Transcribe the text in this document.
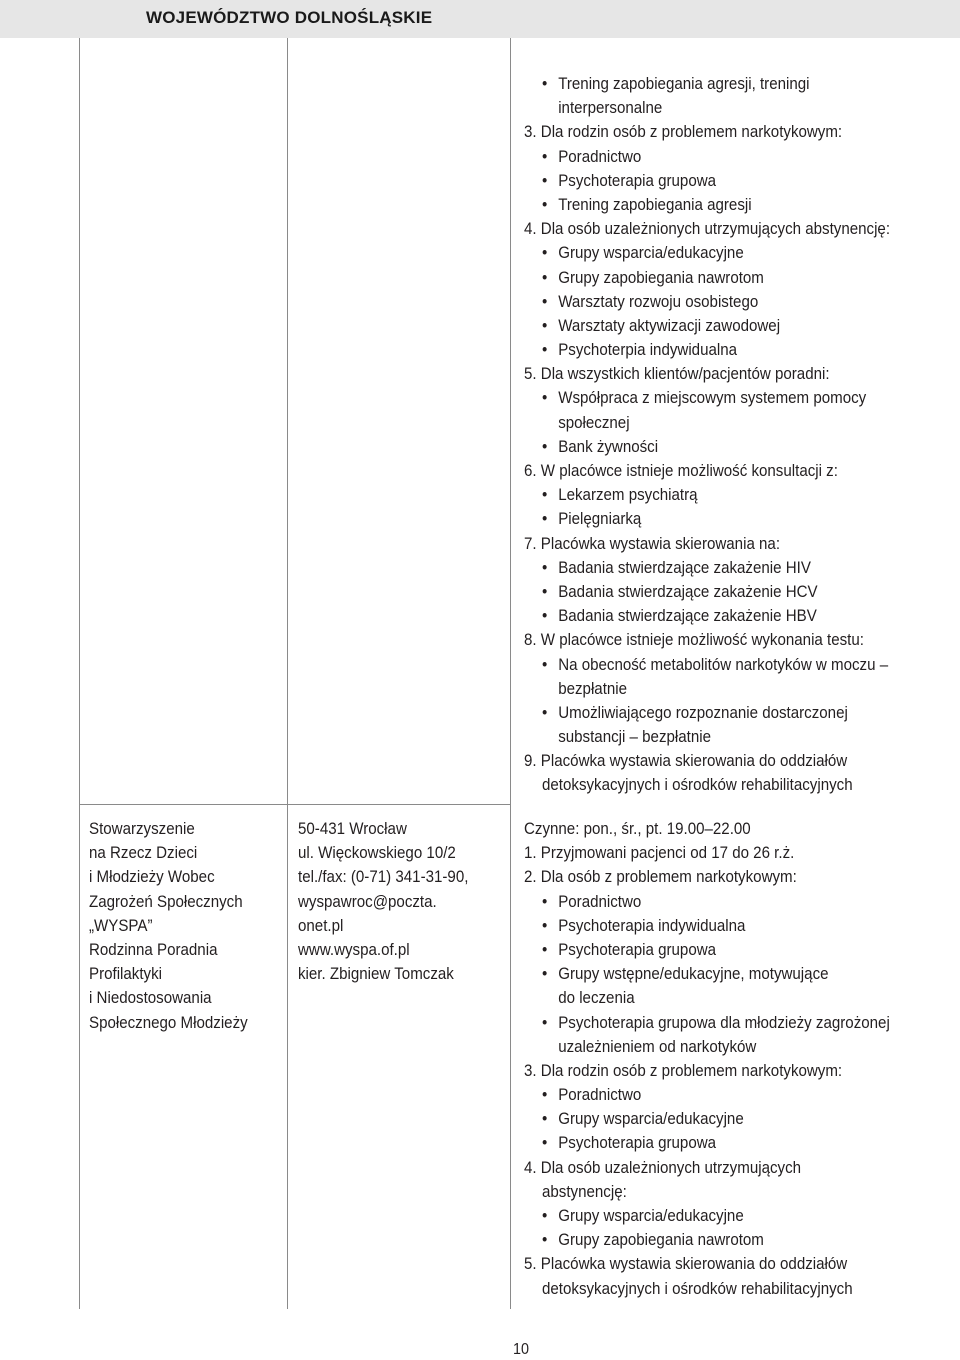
WOJEWÓDZTWO DOLNOŚLĄSKIE
• Trening zapobiegania agresji, treningi
interpersonalne
3. Dla rodzin osób z problemem narkotykowym:
• Poradnictwo
• Psychoterapia grupowa
• Trening zapobiegania agresji
4. Dla osób uzależnionych utrzymujących abstynencję:
• Grupy wsparcia/edukacyjne
• Grupy zapobiegania nawrotom
• Warsztaty rozwoju osobistego
• Warsztaty aktywizacji zawodowej
• Psychoterpia indywidualna
5. Dla wszystkich klientów/pacjentów poradni:
• Współpraca z miejscowym systemem pomocy
społecznej
• Bank żywności
6. W placówce istnieje możliwość konsultacji z:
• Lekarzem psychiatrą
• Pielęgniarką
7. Placówka wystawia skierowania na:
• Badania stwierdzające zakażenie HIV
• Badania stwierdzające zakażenie HCV
• Badania stwierdzające zakażenie HBV
8. W placówce istnieje możliwość wykonania testu:
• Na obecność metabolitów narkotyków w moczu –
bezpłatnie
• Umożliwiającego rozpoznanie dostarczonej
substancji – bezpłatnie
9. Placówka wystawia skierowania do oddziałów
detoksykacyjnych i ośrodków rehabilitacyjnych
Stowarzyszenie
na Rzecz Dzieci
i Młodzieży Wobec
Zagrożeń Społecznych
„WYSPA”
Rodzinna Poradnia
Profilaktyki
i Niedostosowania
Społecznego Młodzieży
50-431 Wrocław
ul. Więckowskiego 10/2
tel./fax: (0-71) 341-31-90,
wyspawroc@poczta.
onet.pl
www.wyspa.of.pl
kier. Zbigniew Tomczak
Czynne: pon., śr., pt. 19.00–22.00
1. Przyjmowani pacjenci od 17 do 26 r.ż.
2. Dla osób z problemem narkotykowym:
• Poradnictwo
• Psychoterapia indywidualna
• Psychoterapia grupowa
• Grupy wstępne/edukacyjne, motywujące
do leczenia
• Psychoterapia grupowa dla młodzieży zagrożonej
uzależnieniem od narkotyków
3. Dla rodzin osób z problemem narkotykowym:
• Poradnictwo
• Grupy wsparcia/edukacyjne
• Psychoterapia grupowa
4. Dla osób uzależnionych utrzymujących
abstynencję:
• Grupy wsparcia/edukacyjne
• Grupy zapobiegania nawrotom
5. Placówka wystawia skierowania do oddziałów
detoksykacyjnych i ośrodków rehabilitacyjnych
10
